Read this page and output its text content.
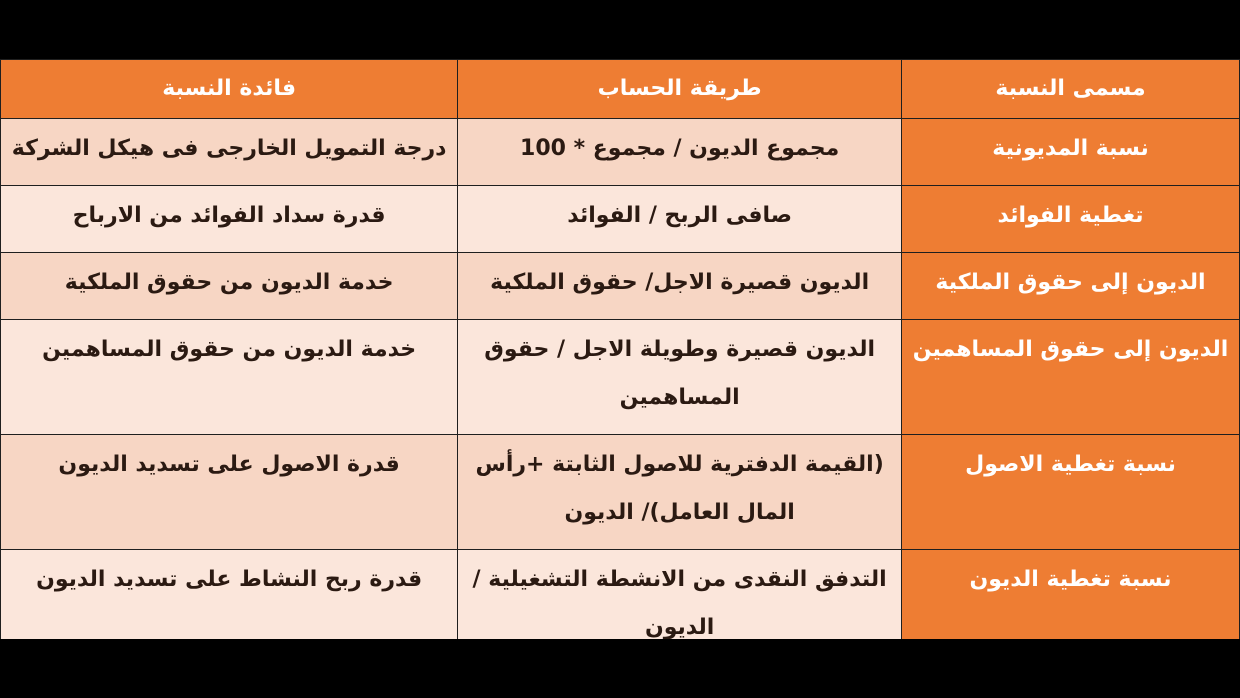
مسمى النسبة	طريقة الحساب	فائدة النسبة
نسبة المديونية	مجموع الديون / مجموع * 100	درجة التمويل الخارجى فى هيكل الشركة
تغطية الفوائد	صافى الربح / الفوائد	قدرة سداد الفوائد من الارباح
الديون إلى حقوق الملكية	الديون قصيرة الاجل/ حقوق الملكية	خدمة الديون من حقوق الملكية
الديون إلى حقوق المساهمين	الديون قصيرة وطويلة الاجل / حقوق المساهمين	خدمة الديون من حقوق المساهمين
نسبة تغطية الاصول	(القيمة الدفترية للاصول الثابتة +رأس المال العامل)/ الديون	قدرة الاصول على تسديد الديون
نسبة تغطية الديون	التدفق النقدى من الانشطة التشغيلية / الديون	قدرة ربح النشاط على تسديد الديون
